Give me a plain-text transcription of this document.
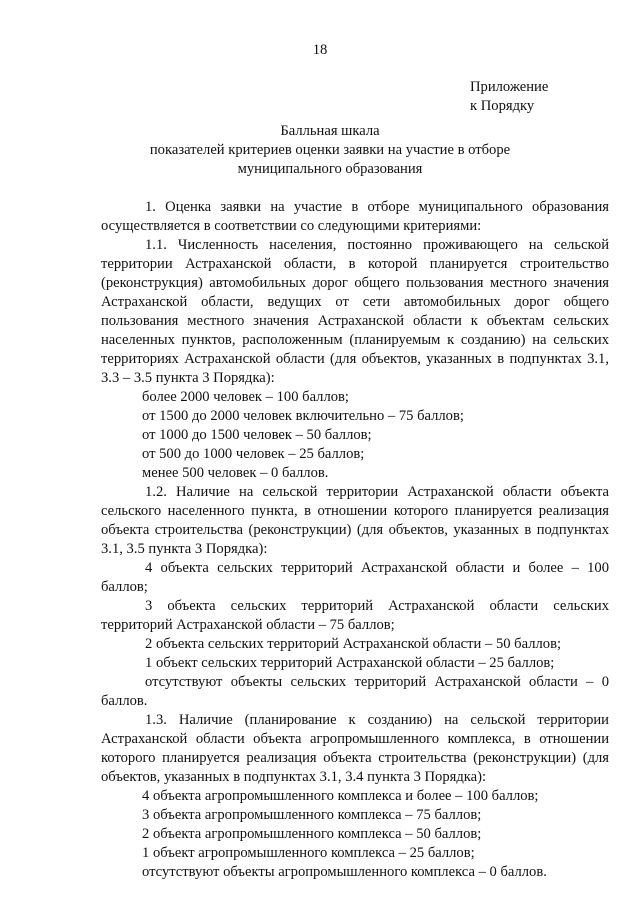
18
Приложение
к Порядку
Балльная шкала
показателей критериев оценки заявки на участие в отборе
муниципального образования

1. Оценка заявки на участие в отборе муниципального образования осуществляется в соответствии со следующими критериями:

1.1. Численность населения, постоянно проживающего на сельской территории Астраханской области, в которой планируется строительство (реконструкция) автомобильных дорог общего пользования местного значения Астраханской области, ведущих от сети автомобильных дорог общего пользования местного значения Астраханской области к объектам сельских населенных пунктов, расположенным (планируемым к созданию) на сельских территориях Астраханской области (для объектов, указанных в подпунктах 3.1, 3.3 – 3.5 пункта 3 Порядка):

более 2000 человек – 100 баллов;
от 1500 до 2000 человек включительно – 75 баллов;
от 1000 до 1500 человек – 50 баллов;
от 500 до 1000 человек – 25 баллов;
менее 500 человек – 0 баллов.

1.2. Наличие на сельской территории Астраханской области объекта сельского населенного пункта, в отношении которого планируется реализация объекта строительства (реконструкции) (для объектов, указанных в подпунктах 3.1, 3.5 пункта 3 Порядка):

4 объекта сельских территорий Астраханской области и более – 100 баллов;

3 объекта сельских территорий Астраханской области сельских территорий Астраханской области – 75 баллов;

2 объекта сельских территорий Астраханской области – 50 баллов;

1 объект сельских территорий Астраханской области – 25 баллов;

отсутствуют объекты сельских территорий Астраханской области – 0 баллов.

1.3. Наличие (планирование к созданию) на сельской территории Астраханской области объекта агропромышленного комплекса, в отношении которого планируется реализация объекта строительства (реконструкции) (для объектов, указанных в подпунктах 3.1, 3.4 пункта 3 Порядка):

4 объекта агропромышленного комплекса и более – 100 баллов;
3 объекта агропромышленного комплекса – 75 баллов;
2 объекта агропромышленного комплекса – 50 баллов;
1 объект агропромышленного комплекса – 25 баллов;
отсутствуют объекты агропромышленного комплекса – 0 баллов.
